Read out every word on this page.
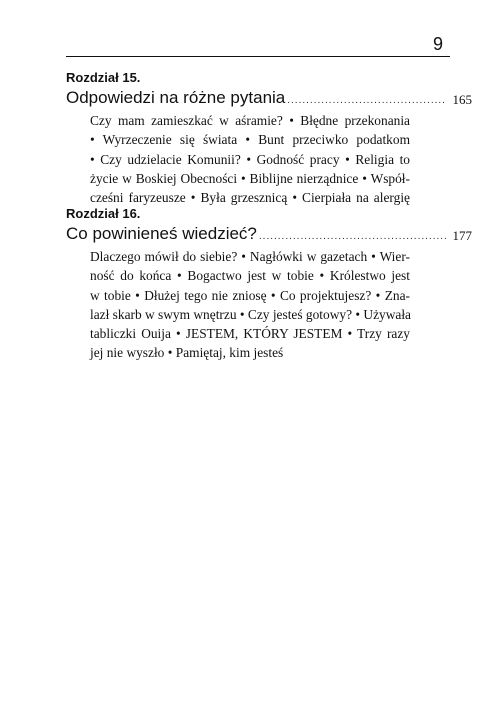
9

Rozdział 15.

Odpowiedzi na różne pytania .....	165
Czy mam zamieszkać w aśramie? • Błędne przekonania
• Wyrzeczenie się świata • Bunt przeciwko podatkom
• Czy udzielacie Komunii? • Godność pracy • Religia to
życie w Boskiej Obecności • Biblijne nierządnice • Współ-
cześni faryzeusze • Była grzesznicą • Cierpiała na alergię

Rozdział 16.

Co powinieneś wiedzieć? .....	177
Dlaczego mówił do siebie? • Nagłówki w gazetach • Wier-
ność do końca • Bogactwo jest w tobie • Królestwo jest
w tobie • Dłużej tego nie zniosę • Co projektujesz? • Zna-
lazł skarb w swym wnętrzu • Czy jesteś gotowy? • Używała
tabliczki Ouija • JESTEM, KTÓRY JESTEM • Trzy razy
jej nie wyszło • Pamiętaj, kim jesteś
